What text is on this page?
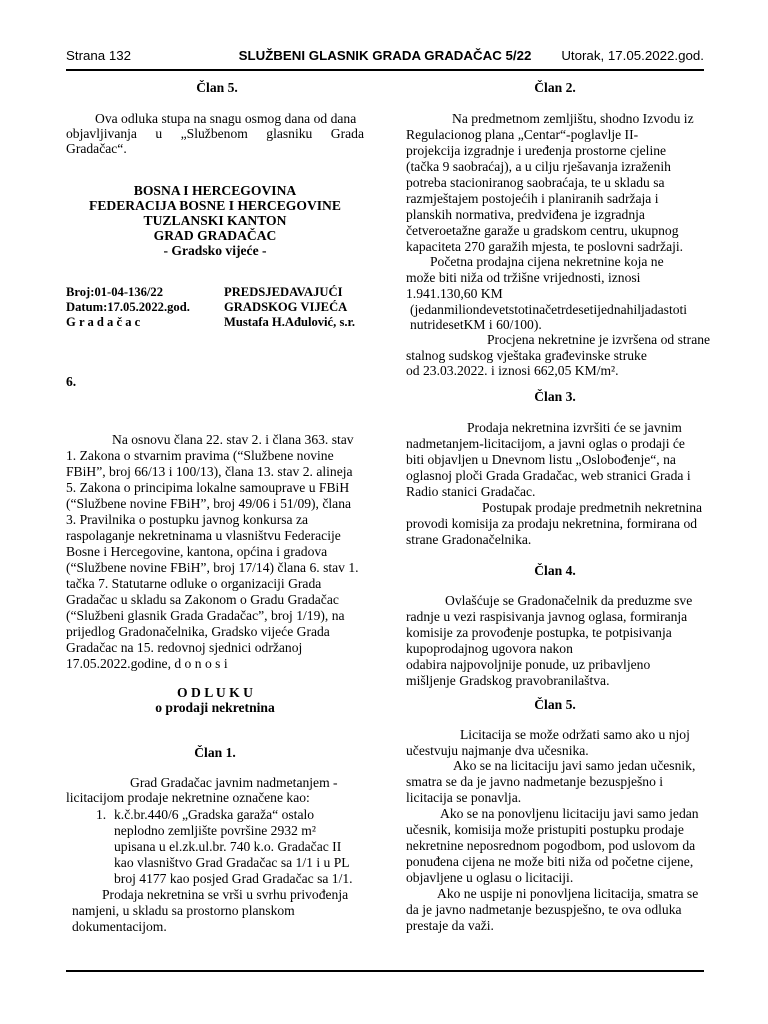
Strana 132	SLUŽBENI GLASNIK GRADA GRADAČAC 5/22	Utorak, 17.05.2022.god.
Član 5.
Ova odluka stupa na snagu osmog dana od dana
objavljivanja u „Službenom glasniku Grada
Gradačac“.
BOSNA I HERCEGOVINA
FEDERACIJA BOSNE I HERCEGOVINE
TUZLANSKI KANTON
GRAD GRADAČAC
- Gradsko vijeće -
Broj:01-04-136/22
Datum:17.05.2022.god.
G r a d a č a c
PREDSJEDAVAJUĆI
GRADSKOG VIJEĆA
Mustafa H.Ađulović, s.r.
6.
Na osnovu člana 22. stav 2. i člana 363. stav
1. Zakona o stvarnim pravima (“Službene novine
FBiH”, broj 66/13 i 100/13), člana 13. stav 2. alineja
5. Zakona o principima lokalne samouprave u FBiH
(“Službene novine FBiH”, broj 49/06 i 51/09), člana
3. Pravilnika o postupku javnog konkursa za
raspolaganje nekretninama u vlasništvu Federacije
Bosne i Hercegovine, kantona, općina i gradova
(“Službene novine FBiH”, broj 17/14) člana 6. stav 1.
tačka 7. Statutarne odluke o organizaciji Grada
Gradačac u skladu sa Zakonom o Gradu Gradačac
(“Službeni glasnik Grada Gradačac”, broj 1/19), na
prijedlog Gradonačelnika, Gradsko vijeće Grada
Gradačac na 15. redovnoj sjednici održanoj
17.05.2022.godine, d o n o s i
O D L U K U
o prodaji nekretnina
Član 1.
Grad Gradačac javnim nadmetanjem -
licitacijom prodaje nekretnine označene kao:
1. k.č.br.440/6 „Gradska garaža“ ostalo
neplodno zemljište površine 2932 m²
upisana u el.zk.ul.br. 740 k.o. Gradačac II
kao vlasništvo Grad Gradačac sa 1/1 i u PL
broj 4177 kao posjed Grad Gradačac sa 1/1.
Prodaja nekretnina se vrši u svrhu privođenja
namjeni, u skladu sa prostorno planskom
dokumentacijom.
Član 2.
Na predmetnom zemljištu, shodno Izvodu iz
Regulacionog plana „Centar“-poglavlje II-
projekcija izgradnje i uređenja prostorne cjeline
(tačka 9 saobraćaj), a u cilju rješavanja izraženih
potreba stacioniranog saobraćaja, te u skladu sa
razmještajem postojećih i planiranih sadržaja i
planskih normativa, predviđena je izgradnja
četveroetažne garaže u gradskom centru, ukupnog
kapaciteta 270 garažih mjesta, te poslovni sadržaji.
Početna prodajna cijena nekretnine koja ne
može biti niža od tržišne vrijednosti, iznosi
1.941.130,60 KM
(jedanmiliondevetstotinačetrdesetijednahiljadastoti
nutridesetKM i 60/100).
Procjena nekretnine je izvršena od strane
stalnog sudskog vještaka građevinske struke
od 23.03.2022. i iznosi 662,05 KM/m².
Član 3.
Prodaja nekretnina izvršiti će se javnim
nadmetanjem-licitacijom, a javni oglas o prodaji će
biti objavljen u Dnevnom listu „Oslobođenje“, na
oglasnoj ploči Grada Gradačac, web stranici Grada i
Radio stanici Gradačac.
Postupak prodaje predmetnih nekretnina
provodi komisija za prodaju nekretnina, formirana od
strane Gradonačelnika.
Član 4.
Ovlašćuje se Gradonačelnik da preduzme sve
radnje u vezi raspisivanja javnog oglasa, formiranja
komisije za provođenje postupka, te potpisivanja
kupoprodajnog ugovora nakon
odabira najpovoljnije ponude, uz pribavljeno
mišljenje Gradskog pravobranilaštva.
Član 5.
Licitacija se može održati samo ako u njoj
učestvuju najmanje dva učesnika.
Ako se na licitaciju javi samo jedan učesnik,
smatra se da je javno nadmetanje bezuspješno i
licitacija se ponavlja.
Ako se na ponovljenu licitaciju javi samo jedan
učesnik, komisija može pristupiti postupku prodaje
nekretnine neposrednom pogodbom, pod uslovom da
ponuđena cijena ne može biti niža od početne cijene,
objavljene u oglasu o licitaciji.
Ako ne uspije ni ponovljena licitacija, smatra se
da je javno nadmetanje bezuspješno, te ova odluka
prestaje da važi.
